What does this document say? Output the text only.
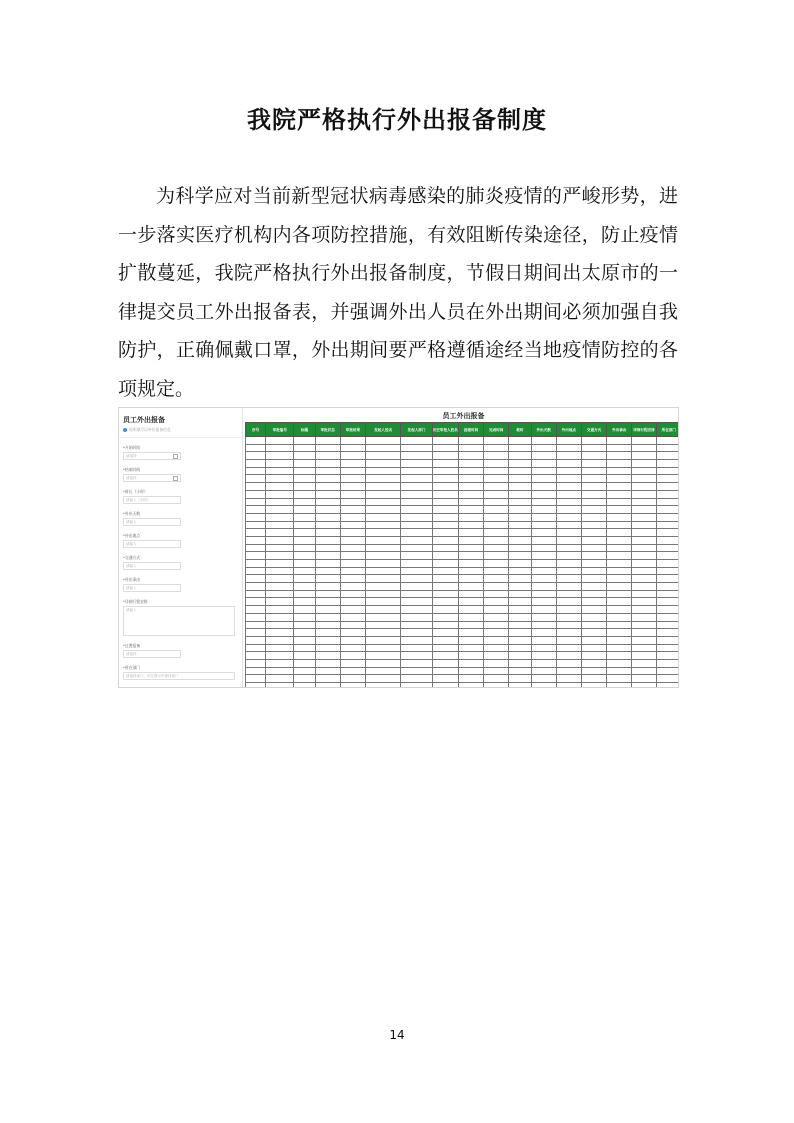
我院严格执行外出报备制度

为科学应对当前新型冠状病毒感染的肺炎疫情的严峻形势，进一步落实医疗机构内各项防控措施，有效阻断传染途径，防止疫情扩散蔓延，我院严格执行外出报备制度，节假日期间出太原市的一律提交员工外出报备表，并强调外出人员在外出期间必须加强自我防护，正确佩戴口罩，外出期间要严格遵循途经当地疫情防控的各项规定。

员工外出报备
说明填写以外出报备信息
*开始时间
请选择
*结束时间
请选择
*时长（小时）
请输入（小时）
*外出天数
请输入
*外出地点
请输入
*交通方式
请输入
*外出事由
请输入
*详细行程安排
请输入
*过渡报备
请选择
*所在部门
请选择部门，可在提示中查找部门
员工外出报备
序号	审批编号	标题	审批状态	审批结果	发起人姓名	发起人部门	历史审批人姓名	创建时间	完成时间	耗时	外出天数	外出地点	交通方式	外出事由	详细行程安排	所在部门

14
